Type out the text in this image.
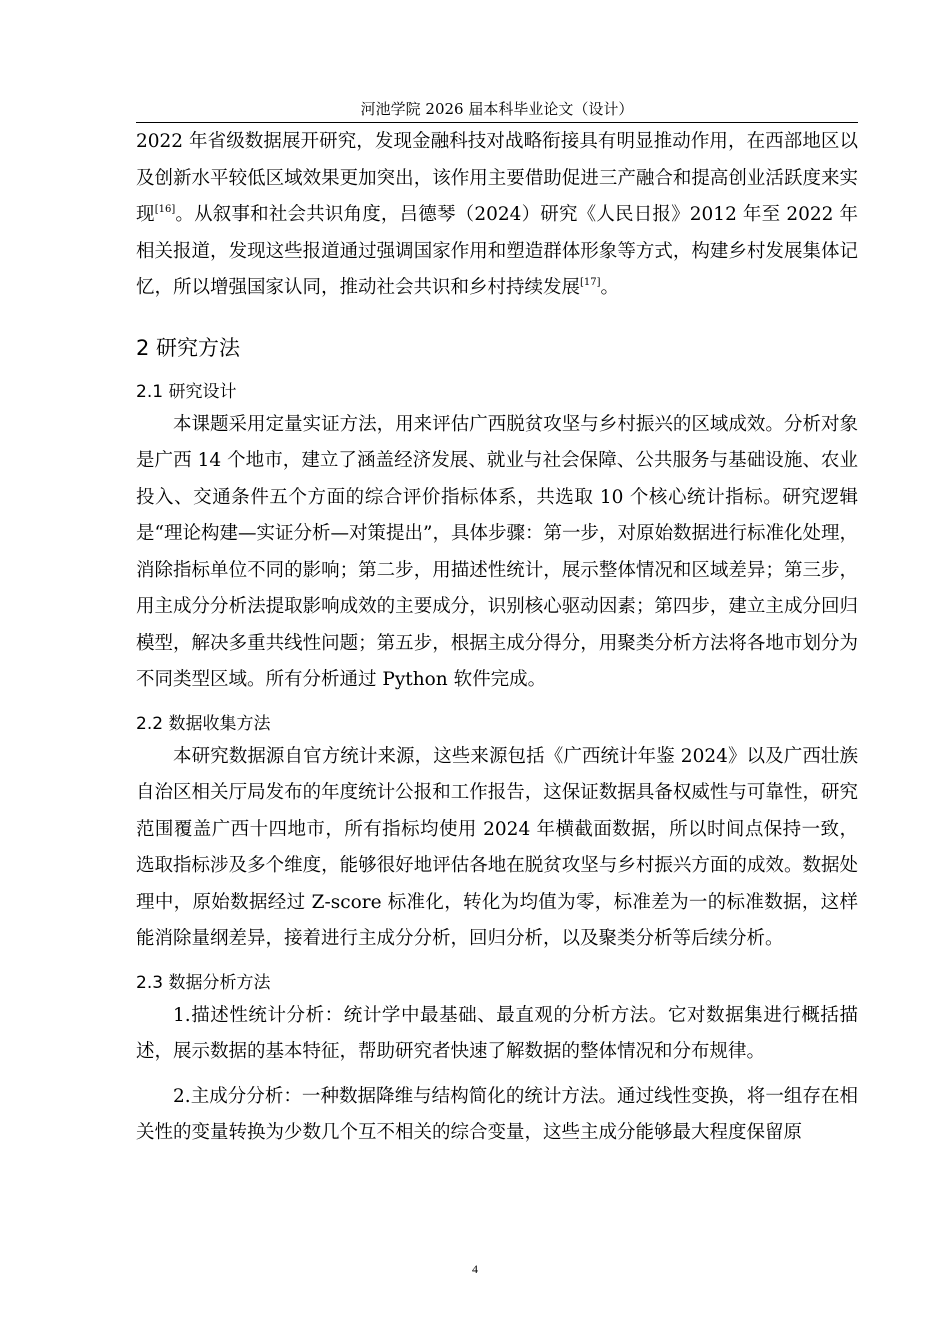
河池学院 2026 届本科毕业论文（设计）

2022 年省级数据展开研究，发现金融科技对战略衔接具有明显推动作用，在西部地区以及创新水平较低区域效果更加突出，该作用主要借助促进三产融合和提高创业活跃度来实现[16]。从叙事和社会共识角度，吕德琴（2024）研究《人民日报》2012 年至 2022 年相关报道，发现这些报道通过强调国家作用和塑造群体形象等方式，构建乡村发展集体记忆，所以增强国家认同，推动社会共识和乡村持续发展[17]。

2 研究方法
2.1 研究设计

本课题采用定量实证方法，用来评估广西脱贫攻坚与乡村振兴的区域成效。分析对象是广西 14 个地市，建立了涵盖经济发展、就业与社会保障、公共服务与基础设施、农业投入、交通条件五个方面的综合评价指标体系，共选取 10 个核心统计指标。研究逻辑是“理论构建—实证分析—对策提出”，具体步骤：第一步，对原始数据进行标准化处理，消除指标单位不同的影响；第二步，用描述性统计，展示整体情况和区域差异；第三步，用主成分分析法提取影响成效的主要成分，识别核心驱动因素；第四步，建立主成分回归模型，解决多重共线性问题；第五步，根据主成分得分，用聚类分析方法将各地市划分为不同类型区域。所有分析通过 Python 软件完成。

2.2 数据收集方法

本研究数据源自官方统计来源，这些来源包括《广西统计年鉴 2024》以及广西壮族自治区相关厅局发布的年度统计公报和工作报告，这保证数据具备权威性与可靠性，研究范围覆盖广西十四地市，所有指标均使用 2024 年横截面数据，所以时间点保持一致，选取指标涉及多个维度，能够很好地评估各地在脱贫攻坚与乡村振兴方面的成效。数据处理中，原始数据经过 Z-score 标准化，转化为均值为零，标准差为一的标准数据，这样能消除量纲差异，接着进行主成分分析，回归分析，以及聚类分析等后续分析。

2.3 数据分析方法

1.描述性统计分析：统计学中最基础、最直观的分析方法。它对数据集进行概括描述，展示数据的基本特征，帮助研究者快速了解数据的整体情况和分布规律。

2.主成分分析：一种数据降维与结构简化的统计方法。通过线性变换，将一组存在相关性的变量转换为少数几个互不相关的综合变量，这些主成分能够最大程度保留原

4
